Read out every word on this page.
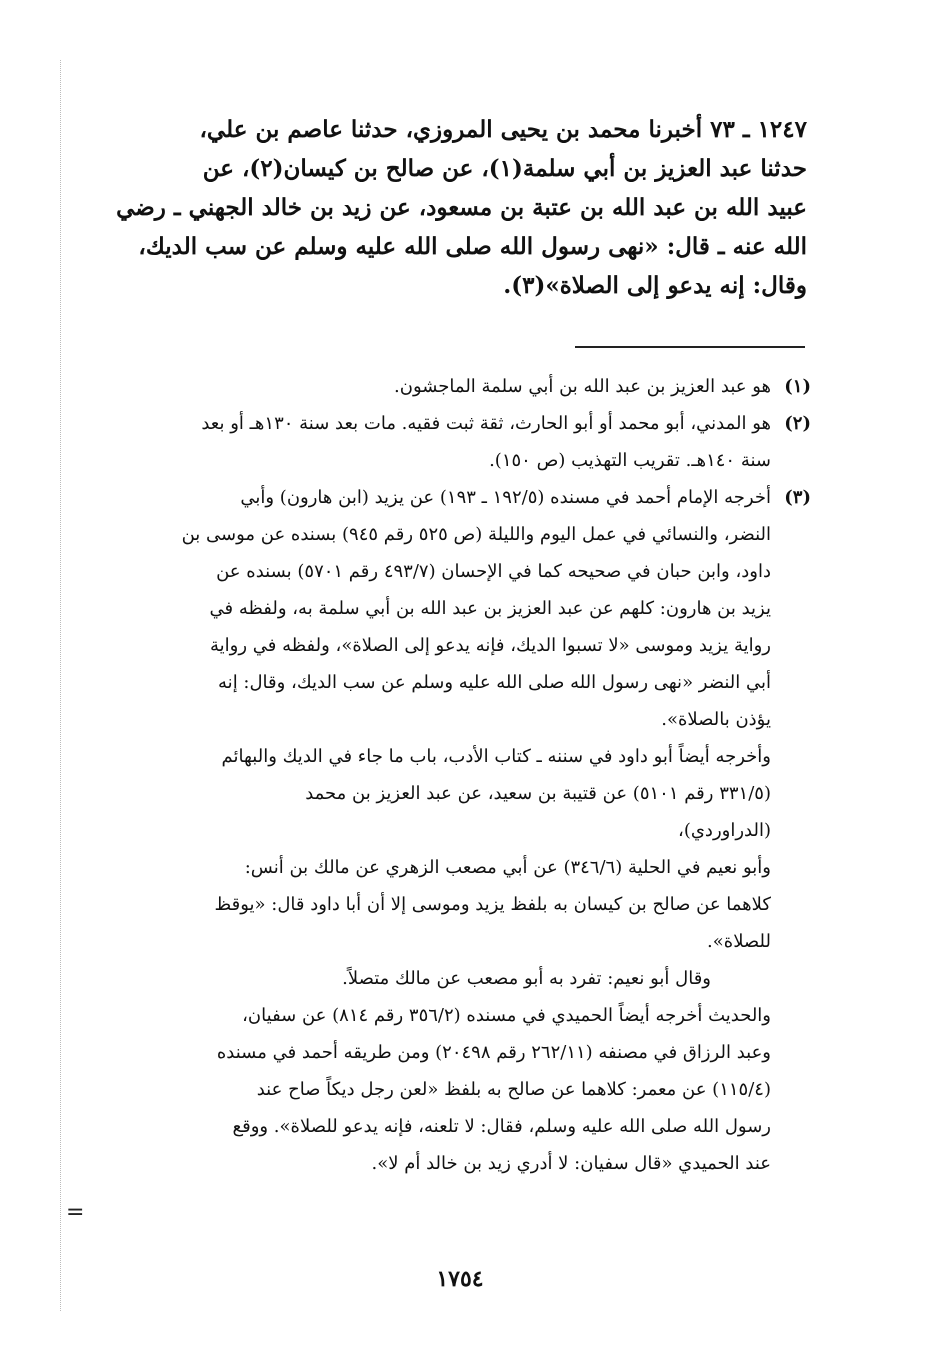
=

١٢٤٧ ـ ٧٣ أخبرنا محمد بن يحيى المروزي، حدثنا عاصم بن علي،
حدثنا عبد العزيز بن أبي سلمة(١)، عن صالح بن كيسان(٢)، عن
عبيد الله بن عبد الله بن عتبة بن مسعود، عن زيد بن خالد الجهني ـ رضي
الله عنه ـ قال: «نهى رسول الله صلى الله عليه وسلم عن سب الديك،
وقال: إنه يدعو إلى الصلاة»(٣).

(١)

هو عبد العزيز بن عبد الله بن أبي سلمة الماجشون.

(٢)

هو المدني، أبو محمد أو أبو الحارث، ثقة ثبت فقيه. مات بعد سنة ١٣٠هـ أو بعد

سنة ١٤٠هـ. تقريب التهذيب (ص ١٥٠).

(٣)

أخرجه الإمام أحمد في مسنده (١٩٢/٥ ـ ١٩٣) عن يزيد (ابن هارون) وأبي

النضر، والنسائي في عمل اليوم والليلة (ص ٥٢٥ رقم ٩٤٥) بسنده عن موسى بن

داود، وابن حبان في صحيحه كما في الإحسان (٤٩٣/٧ رقم ٥٧٠١) بسنده عن

يزيد بن هارون: كلهم عن عبد العزيز بن عبد الله بن أبي سلمة به، ولفظه في

رواية يزيد وموسى «لا تسبوا الديك، فإنه يدعو إلى الصلاة»، ولفظه في رواية

أبي النضر «نهى رسول الله صلى الله عليه وسلم عن سب الديك، وقال: إنه

يؤذن بالصلاة».

وأخرجه أيضاً أبو داود في سننه ـ كتاب الأدب، باب ما جاء في الديك والبهائم

(٣٣١/٥ رقم ٥١٠١) عن قتيبة بن سعيد، عن عبد العزيز بن محمد

(الدراوردي)،

وأبو نعيم في الحلية (٣٤٦/٦) عن أبي مصعب الزهري عن مالك بن أنس:

كلاهما عن صالح بن كيسان به بلفظ يزيد وموسى إلا أن أبا داود قال: «يوقظ

للصلاة».

وقال أبو نعيم: تفرد به أبو مصعب عن مالك متصلاً.

والحديث أخرجه أيضاً الحميدي في مسنده (٣٥٦/٢ رقم ٨١٤) عن سفيان،

وعبد الرزاق في مصنفه (٢٦٢/١١ رقم ٢٠٤٩٨) ومن طريقه أحمد في مسنده

(١١٥/٤) عن معمر: كلاهما عن صالح به بلفظ «لعن رجل ديكاً صاح عند

رسول الله صلى الله عليه وسلم، فقال: لا تلعنه، فإنه يدعو للصلاة». ووقع

عند الحميدي «قال سفيان: لا أدري زيد بن خالد أم لا».

١٧٥٤
